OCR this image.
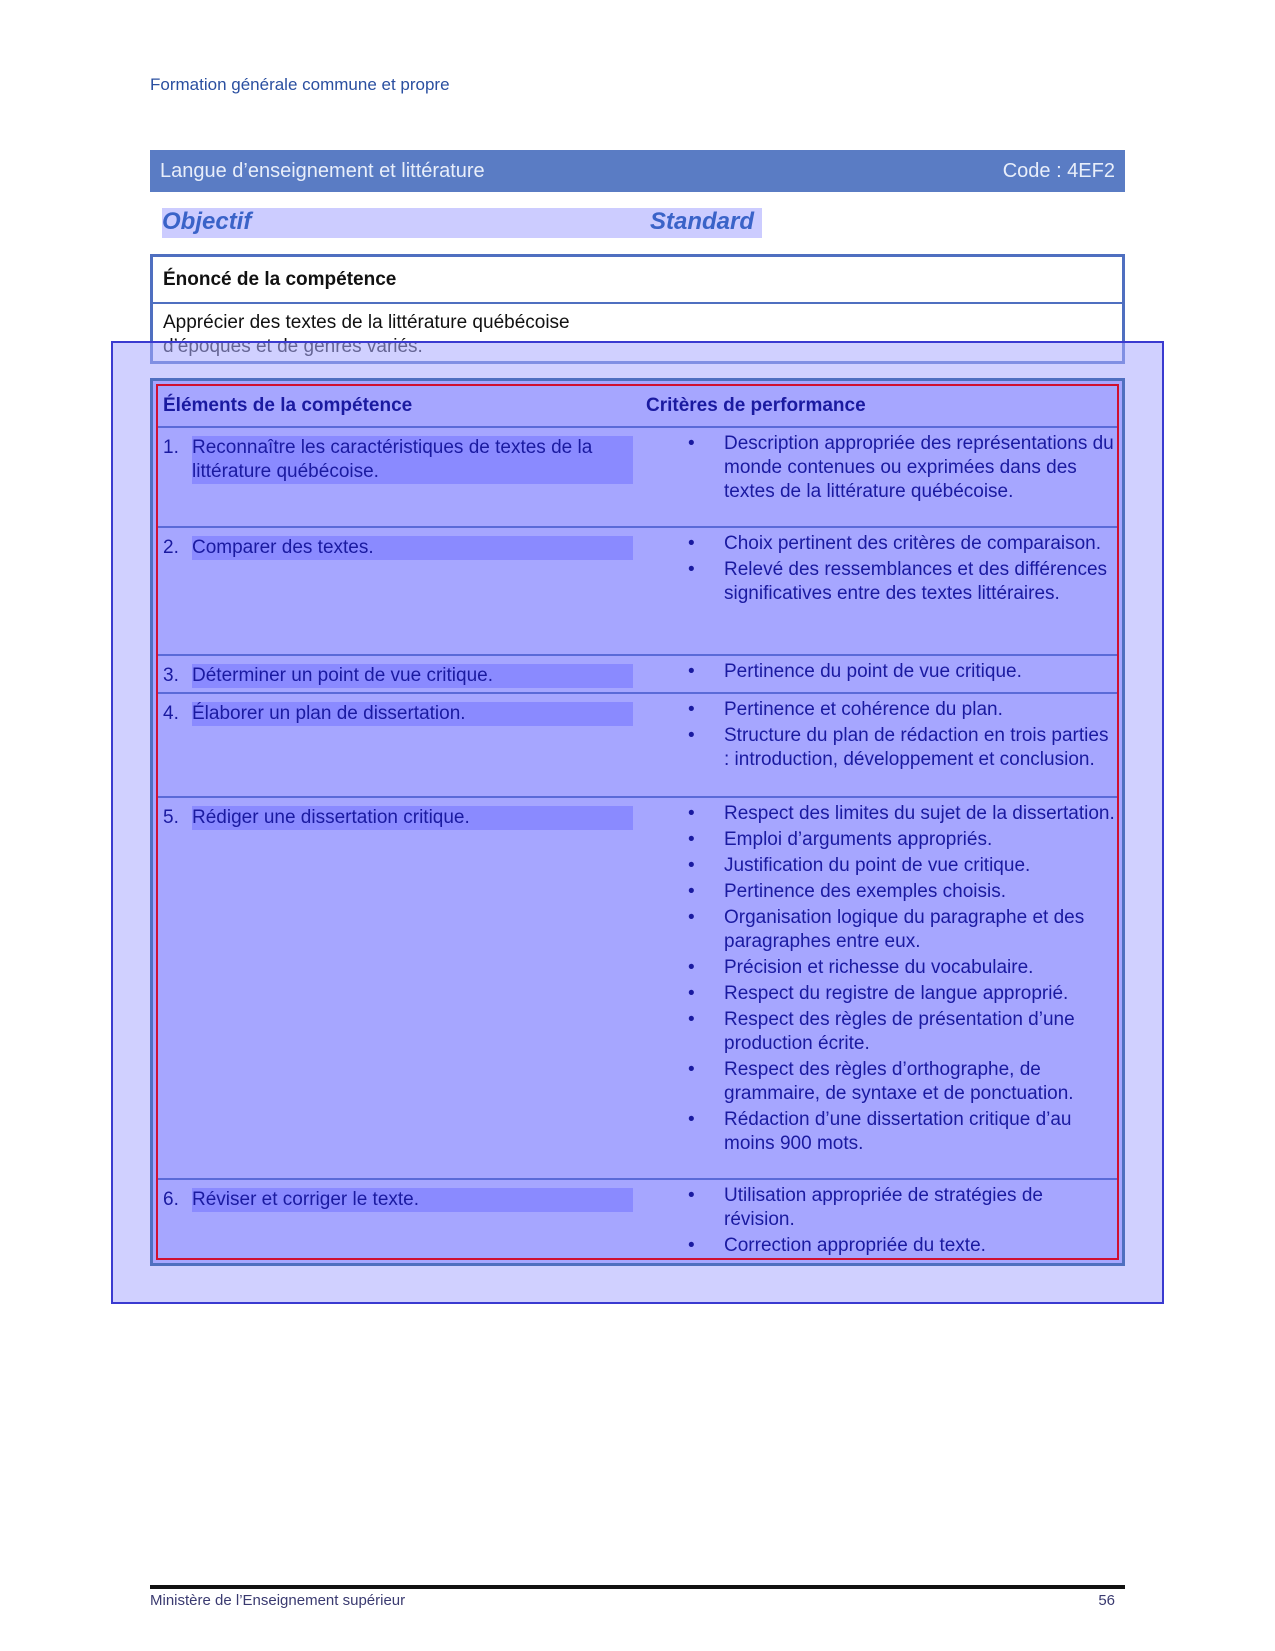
Formation générale commune et propre
Langue d’enseignement et littérature	Code : 4EF2
Objectif	Standard
Énoncé de la compétence
Apprécier des textes de la littérature québécoise
Éléments de la compétence	Critères de performance
1. Reconnaître les caractéristiques de textes de la littérature québécoise.
• Description appropriée des représentations du monde contenues ou exprimées dans des textes de la littérature québécoise.
2. Comparer des textes.	• Choix pertinent des critères de comparaison.
• Relevé des ressemblances et des différences significatives entre des textes littéraires.
3. Déterminer un point de vue critique.	• Pertinence du point de vue critique.
4. Élaborer un plan de dissertation.	• Pertinence et cohérence du plan.
• Structure du plan de rédaction en trois parties : introduction, développement et conclusion.
5. Rédiger une dissertation critique.	• Respect des limites du sujet de la dissertation.
• Emploi d’arguments appropriés.
• Justification du point de vue critique.
• Pertinence des exemples choisis.
• Organisation logique du paragraphe et des paragraphes entre eux.
• Précision et richesse du vocabulaire.
• Respect du registre de langue approprié.
• Respect des règles de présentation d’une production écrite.
• Respect des règles d’orthographe, de grammaire, de syntaxe et de ponctuation.
• Rédaction d’une dissertation critique d’au moins 900 mots.
6. Réviser et corriger le texte.	• Utilisation appropriée de stratégies de révision.
• Correction appropriée du texte.
Ministère de l’Enseignement supérieur	56
